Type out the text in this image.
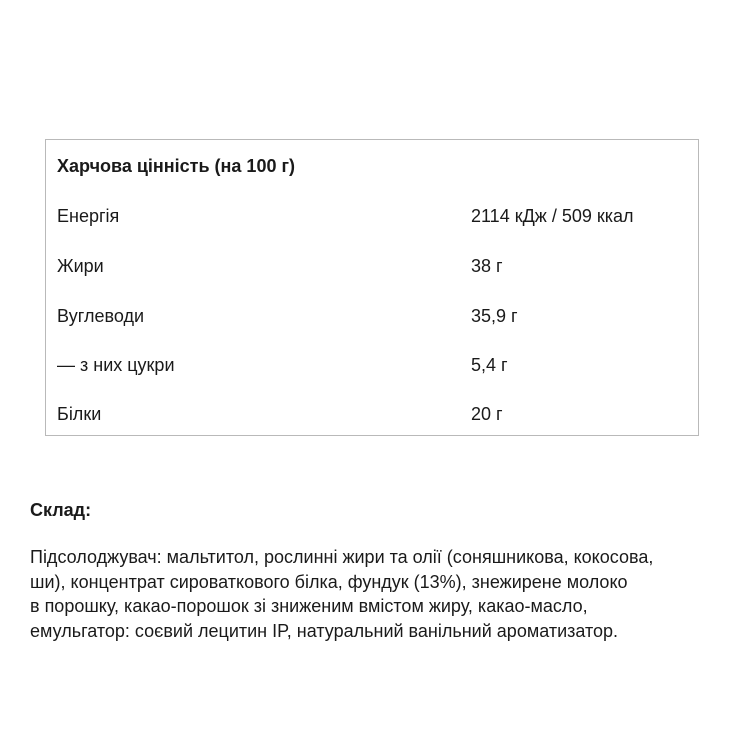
Харчова цінність (на 100 г)
Енергія	2114 кДж / 509 ккал
Жири	38 г
Вуглеводи	35,9 г
— з них цукри	5,4 г
Білки	20 г
Склад:
Підсолоджувач: мальтитол, рослинні жири та олії (соняшникова, кокосова,
ши), концентрат сироваткового білка, фундук (13%), знежирене молоко
в порошку, какао-порошок зі зниженим вмістом жиру, какао-масло,
емульгатор: соєвий лецитин IP, натуральний ванільний ароматизатор.
